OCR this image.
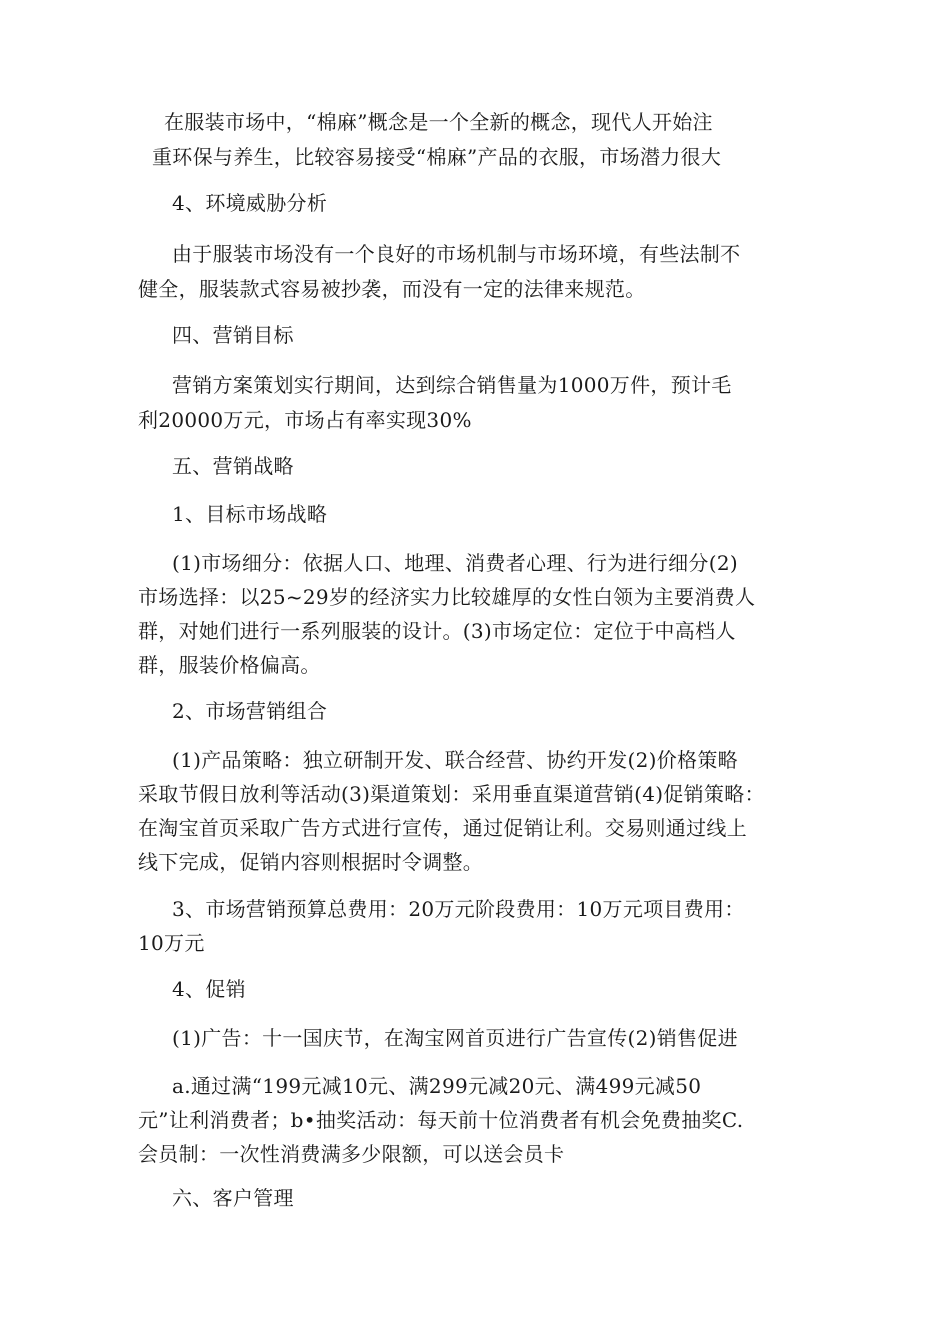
在服装市场中，“棉麻”概念是一个全新的概念，现代人开始注
重环保与养生，比较容易接受“棉麻”产品的衣服，市场潜力很大
4、环境威胁分析
由于服装市场没有一个良好的市场机制与市场环境，有些法制不
健全，服装款式容易被抄袭，而没有一定的法律来规范。
四、营销目标
营销方案策划实行期间，达到综合销售量为1000万件，预计毛
利20000万元，市场占有率实现30%
五、营销战略
1、目标市场战略
(1)市场细分：依据人口、地理、消费者心理、行为进行细分(2)
市场选择：以25~29岁的经济实力比较雄厚的女性白领为主要消费人
群，对她们进行一系列服装的设计。(3)市场定位：定位于中高档人
群，服装价格偏高。
2、市场营销组合
(1)产品策略：独立研制开发、联合经营、协约开发(2)价格策略
采取节假日放利等活动(3)渠道策划：采用垂直渠道营销(4)促销策略：
在淘宝首页采取广告方式进行宣传，通过促销让利。交易则通过线上
线下完成，促销内容则根据时令调整。
3、市场营销预算总费用：20万元阶段费用：10万元项目费用：
10万元
4、促销
(1)广告：十一国庆节，在淘宝网首页进行广告宣传(2)销售促进
a.通过满“199元减10元、满299元减20元、满499元减50
元”让利消费者；b•抽奖活动：每天前十位消费者有机会免费抽奖C.
会员制：一次性消费满多少限额，可以送会员卡
六、客户管理
